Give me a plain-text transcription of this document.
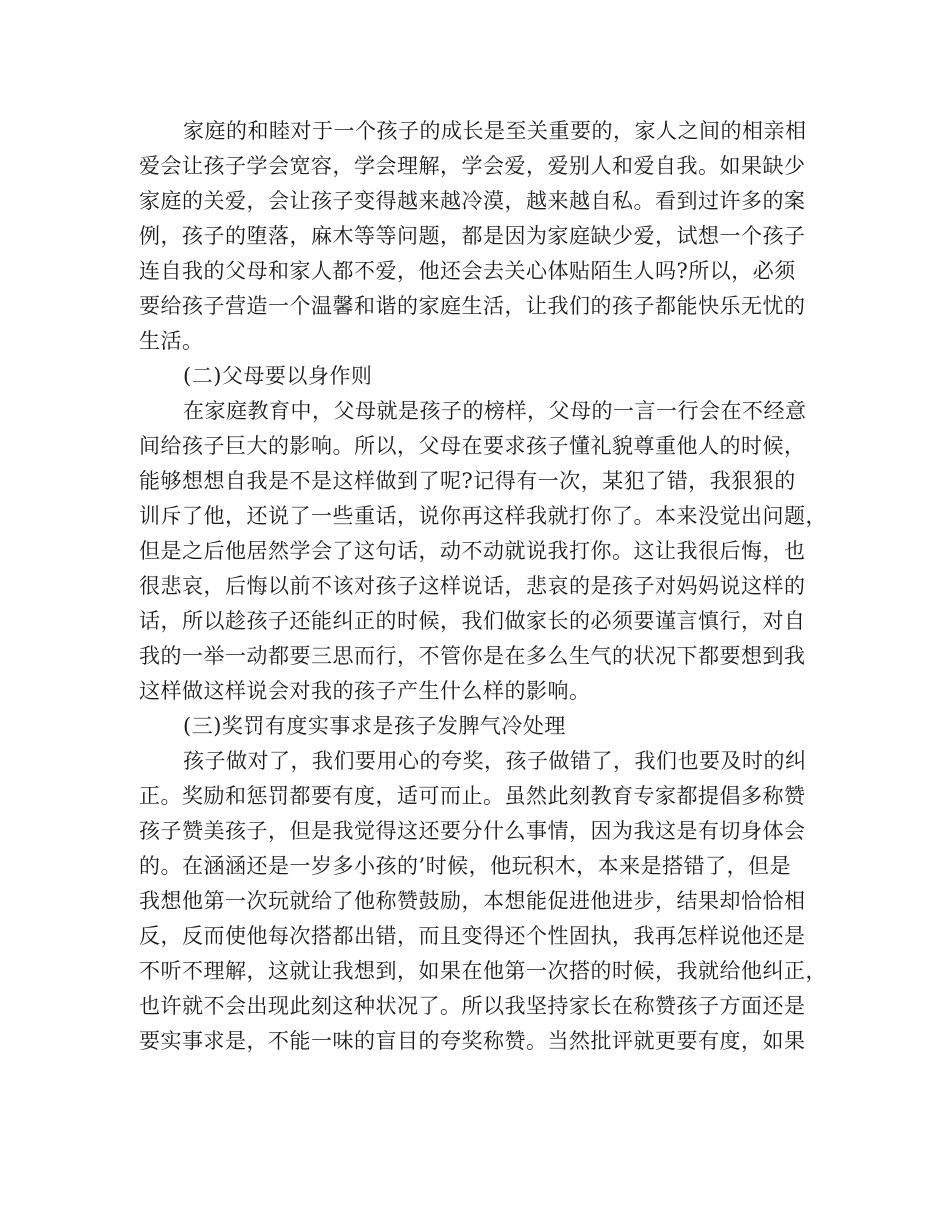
家庭的和睦对于一个孩子的成长是至关重要的，家人之间的相亲相
爱会让孩子学会宽容，学会理解，学会爱，爱别人和爱自我。如果缺少
家庭的关爱，会让孩子变得越来越冷漠，越来越自私。看到过许多的案
例，孩子的堕落，麻木等等问题，都是因为家庭缺少爱，试想一个孩子
连自我的父母和家人都不爱，他还会去关心体贴陌生人吗?所以，必须
要给孩子营造一个温馨和谐的家庭生活，让我们的孩子都能快乐无忧的
生活。
(二)父母要以身作则
在家庭教育中，父母就是孩子的榜样，父母的一言一行会在不经意
间给孩子巨大的影响。所以，父母在要求孩子懂礼貌尊重他人的时候，
能够想想自我是不是这样做到了呢?记得有一次，某犯了错，我狠狠的
训斥了他，还说了一些重话，说你再这样我就打你了。本来没觉出问题，
但是之后他居然学会了这句话，动不动就说我打你。这让我很后悔，也
很悲哀，后悔以前不该对孩子这样说话，悲哀的是孩子对妈妈说这样的
话，所以趁孩子还能纠正的时候，我们做家长的必须要谨言慎行，对自
我的一举一动都要三思而行，不管你是在多么生气的状况下都要想到我
这样做这样说会对我的孩子产生什么样的影响。
(三)奖罚有度实事求是孩子发脾气冷处理
孩子做对了，我们要用心的夸奖，孩子做错了，我们也要及时的纠
正。奖励和惩罚都要有度，适可而止。虽然此刻教育专家都提倡多称赞
孩子赞美孩子，但是我觉得这还要分什么事情，因为我这是有切身体会
的。在涵涵还是一岁多小孩的’时候，他玩积木，本来是搭错了，但是
我想他第一次玩就给了他称赞鼓励，本想能促进他进步，结果却恰恰相
反，反而使他每次搭都出错，而且变得还个性固执，我再怎样说他还是
不听不理解，这就让我想到，如果在他第一次搭的时候，我就给他纠正，
也许就不会出现此刻这种状况了。所以我坚持家长在称赞孩子方面还是
要实事求是，不能一味的盲目的夸奖称赞。当然批评就更要有度，如果
